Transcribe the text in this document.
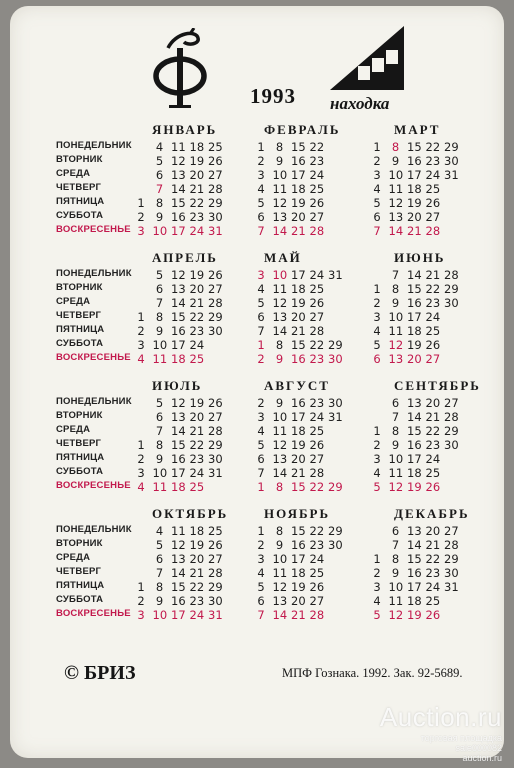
1993 находка
ПОНЕДЕЛЬНИК
ВТОРНИК
СРЕДА
ЧЕТВЕРГ
ПЯТНИЦА
СУББОТА
ВОСКРЕСЕНЬЕ
ЯНВАРЬ
4 11 18 25
5 12 19 26
6 13 20 27
7 14 21 28
1 8 15 22 29
2 9 16 23 30
3 10 17 24 31
ФЕВРАЛЬ
1 8 15 22
2 9 16 23
3 10 17 24
4 11 18 25
5 12 19 26
6 13 20 27
7 14 21 28
МАРТ
1 8 15 22 29
2 9 16 23 30
3 10 17 24 31
4 11 18 25
5 12 19 26
6 13 20 27
7 14 21 28
ПОНЕДЕЛЬНИК
ВТОРНИК
СРЕДА
ЧЕТВЕРГ
ПЯТНИЦА
СУББОТА
ВОСКРЕСЕНЬЕ
АПРЕЛЬ
5 12 19 26
6 13 20 27
7 14 21 28
1 8 15 22 29
2 9 16 23 30
3 10 17 24
4 11 18 25
МАЙ
3 10 17 24 31
4 11 18 25
5 12 19 26
6 13 20 27
7 14 21 28
1 8 15 22 29
2 9 16 23 30
ИЮНЬ
7 14 21 28
1 8 15 22 29
2 9 16 23 30
3 10 17 24
4 11 18 25
5 12 19 26
6 13 20 27
ПОНЕДЕЛЬНИК
ВТОРНИК
СРЕДА
ЧЕТВЕРГ
ПЯТНИЦА
СУББОТА
ВОСКРЕСЕНЬЕ
ИЮЛЬ
5 12 19 26
6 13 20 27
7 14 21 28
1 8 15 22 29
2 9 16 23 30
3 10 17 24 31
4 11 18 25
АВГУСТ
2 9 16 23 30
3 10 17 24 31
4 11 18 25
5 12 19 26
6 13 20 27
7 14 21 28
1 8 15 22 29
СЕНТЯБРЬ
6 13 20 27
7 14 21 28
1 8 15 22 29
2 9 16 23 30
3 10 17 24
4 11 18 25
5 12 19 26
ПОНЕДЕЛЬНИК
ВТОРНИК
СРЕДА
ЧЕТВЕРГ
ПЯТНИЦА
СУББОТА
ВОСКРЕСЕНЬЕ
ОКТЯБРЬ
4 11 18 25
5 12 19 26
6 13 20 27
7 14 21 28
1 8 15 22 29
2 9 16 23 30
3 10 17 24 31
НОЯБРЬ
1 8 15 22 29
2 9 16 23 30
3 10 17 24
4 11 18 25
5 12 19 26
6 13 20 27
7 14 21 28
ДЕКАБРЬ
6 13 20 27
7 14 21 28
1 8 15 22 29
2 9 16 23 30
3 10 17 24 31
4 11 18 25
5 12 19 26
© БРИЗ	МПФ Гознака. 1992. Зак. 92-5689.
Auction.ru
торговая площадка
sale000082
auction.ru
